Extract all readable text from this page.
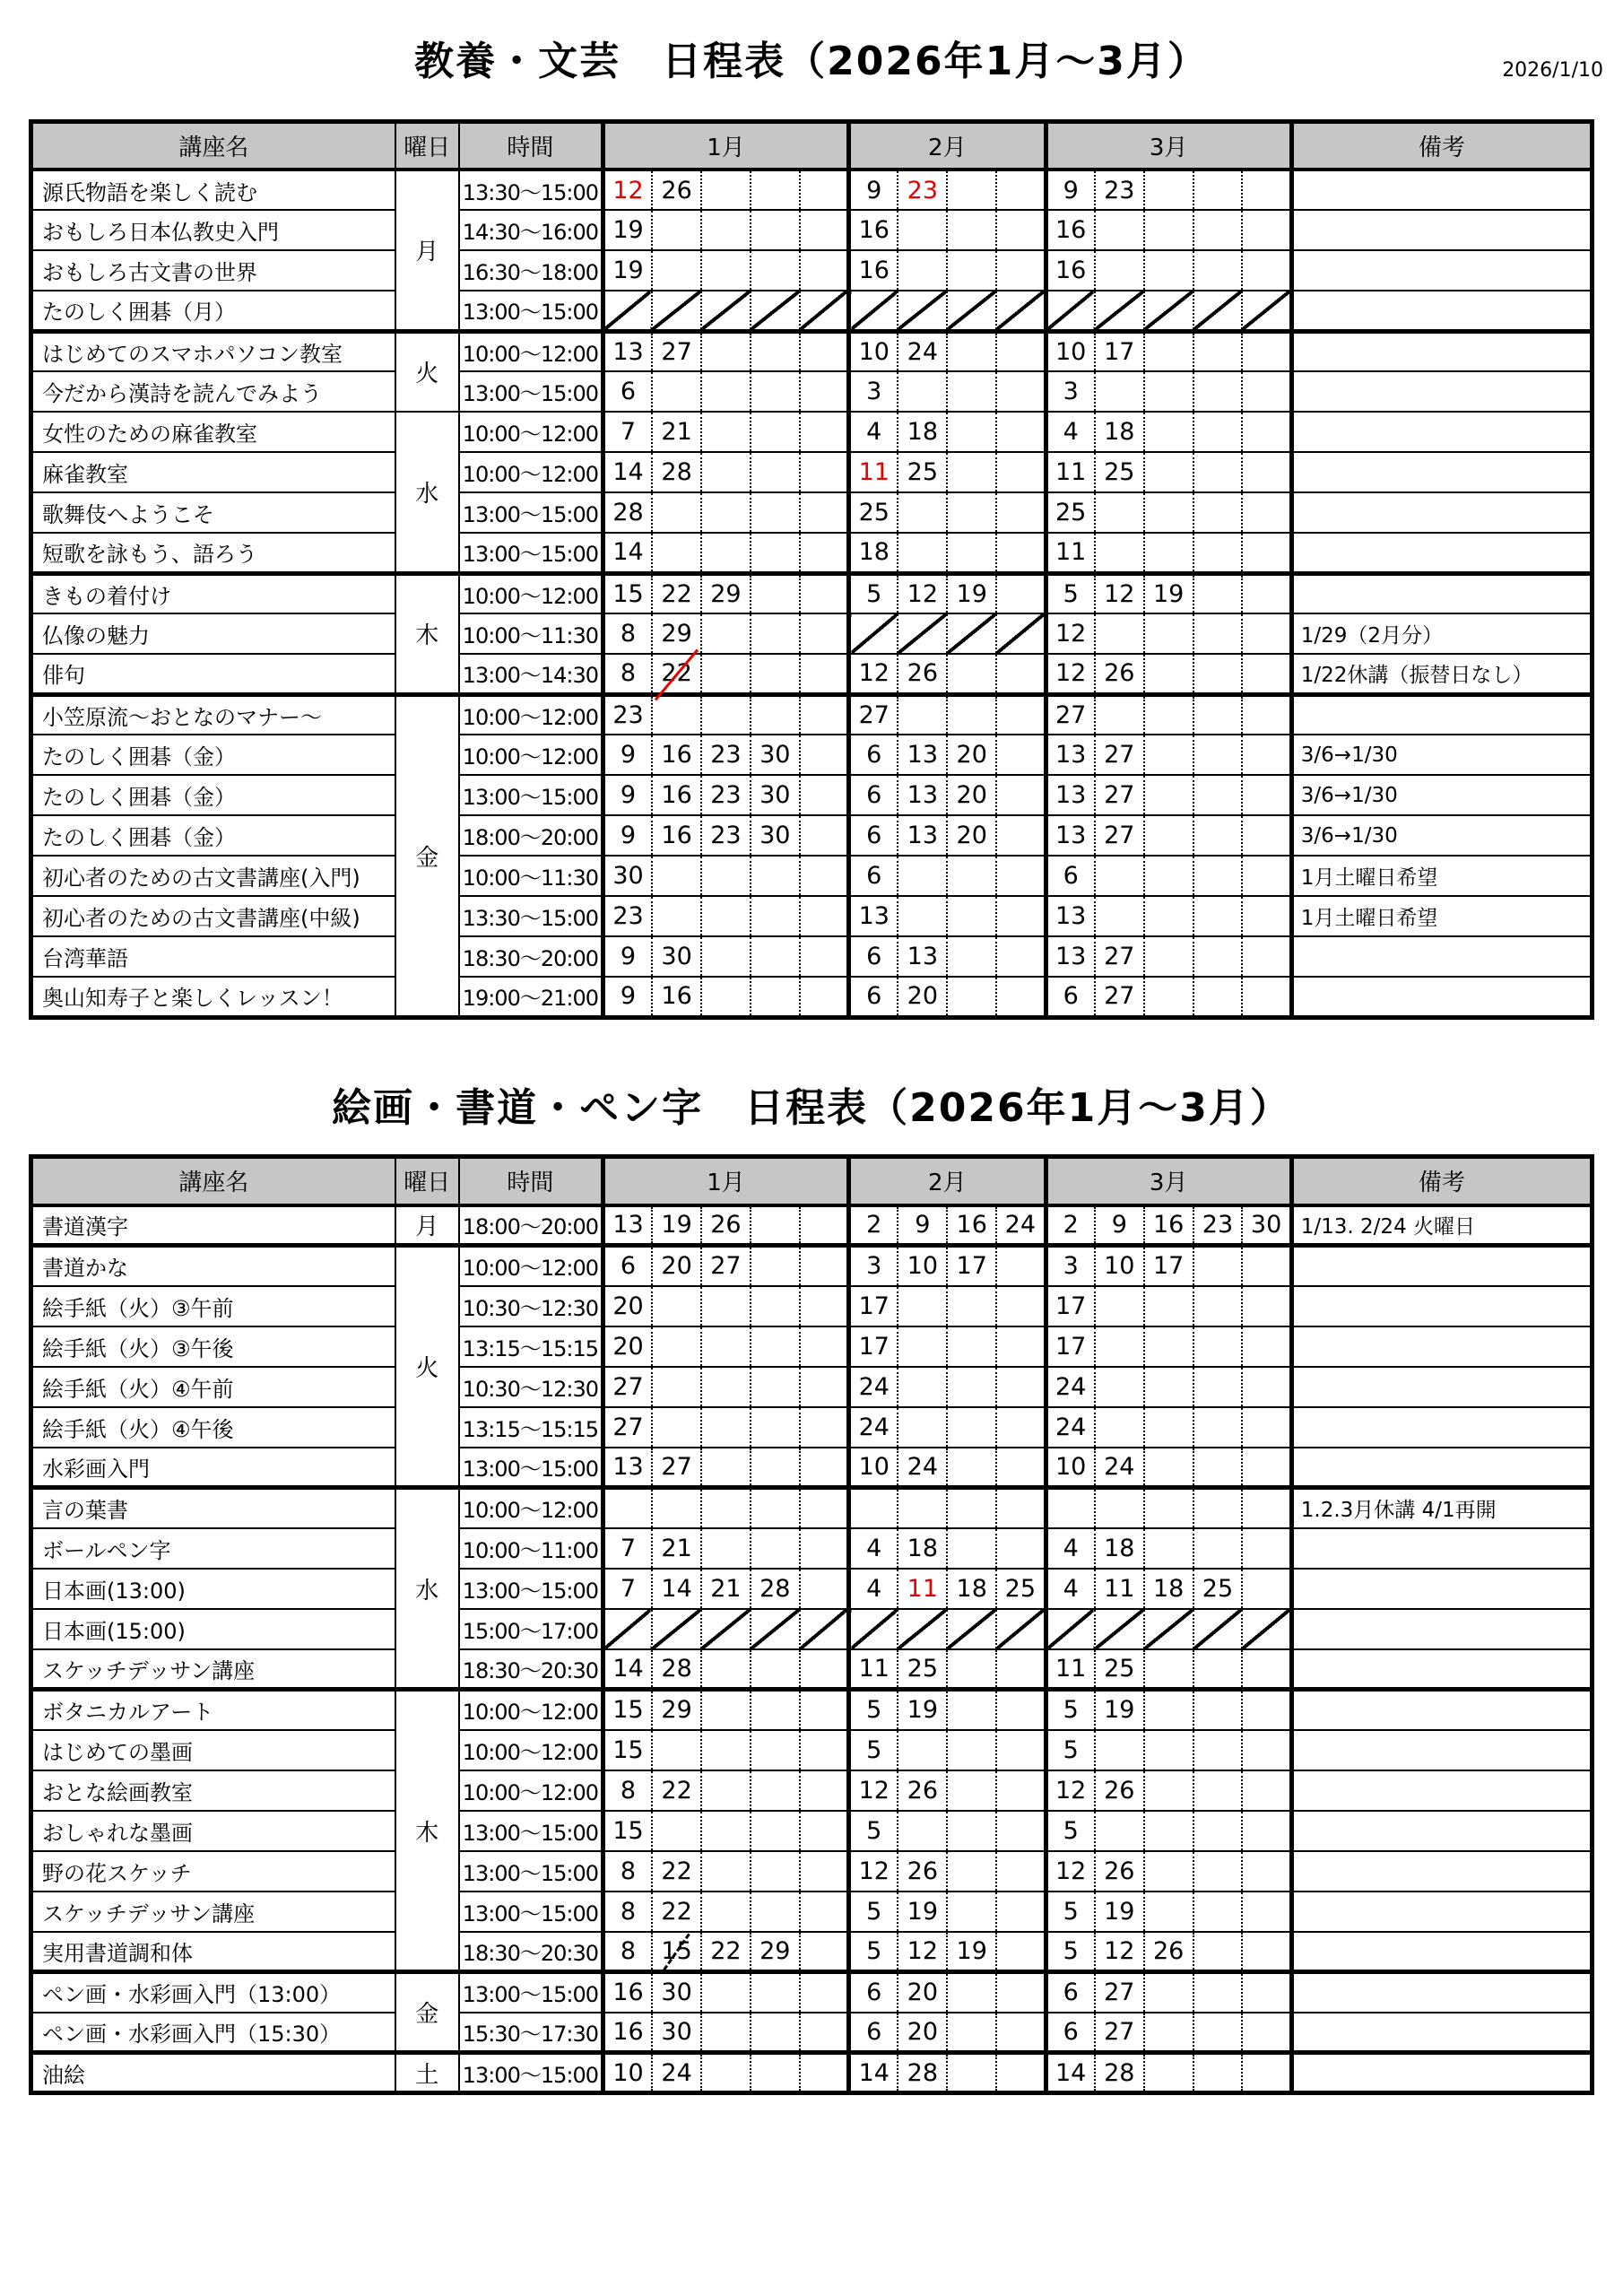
2026/1/10
教養・文芸　日程表（2026年1月～3月）
講座名	曜日	時間	1月					2月				3月					備考
源氏物語を楽しく読む	月	13:30～15:00	12	26				9	23			9	23				
おもしろ日本仏教史入門		14:30～16:00	19					16				16					
おもしろ古文書の世界		16:30～18:00	19					16				16					
たのしく囲碁（月）		13:00～15:00															
はじめてのスマホパソコン教室	火	10:00～12:00	13	27				10	24			10	17				
今だから漢詩を読んでみよう		13:00～15:00	6					3				3					
女性のための麻雀教室	水	10:00～12:00	7	21				4	18			4	18				
麻雀教室		10:00～12:00	14	28				11	25			11	25				
歌舞伎へようこそ		13:00～15:00	28					25				25					
短歌を詠もう、語ろう		13:00～15:00	14					18				11					
きもの着付け	木	10:00～12:00	15	22	29			5	12	19		5	12	19			
仏像の魅力		10:00～11:30	8	29								12					1/29（2月分）
俳句		13:00～14:30	8	22				12	26			12	26				1/22休講（振替日なし）
小笠原流～おとなのマナー～	金	10:00～12:00	23					27				27					
たのしく囲碁（金）		10:00～12:00	9	16	23	30		6	13	20		13	27				3/6→1/30
たのしく囲碁（金）		13:00～15:00	9	16	23	30		6	13	20		13	27				3/6→1/30
たのしく囲碁（金）		18:00～20:00	9	16	23	30		6	13	20		13	27				3/6→1/30
初心者のための古文書講座(入門)		10:00～11:30	30					6				6					1月土曜日希望
初心者のための古文書講座(中級)		13:30～15:00	23					13				13					1月土曜日希望
台湾華語		18:30～20:00	9	30				6	13			13	27				
奥山知寿子と楽しくレッスン！		19:00～21:00	9	16				6	20			6	27				
絵画・書道・ペン字　日程表（2026年1月～3月）
講座名	曜日	時間	1月					2月				3月					備考
書道漢字	月	18:00～20:00	13	19	26			2	9	16	24	2	9	16	23	30	1/13. 2/24 火曜日
書道かな	火	10:00～12:00	6	20	27			3	10	17		3	10	17			
絵手紙（火）③午前		10:30～12:30	20					17				17					
絵手紙（火）③午後		13:15～15:15	20					17				17					
絵手紙（火）④午前		10:30～12:30	27					24				24					
絵手紙（火）④午後		13:15～15:15	27					24				24					
水彩画入門		13:00～15:00	13	27				10	24			10	24				
言の葉書	水	10:00～12:00															1.2.3月休講 4/1再開
ボールペン字		10:00～11:00	7	21				4	18			4	18				
日本画(13:00)		13:00～15:00	7	14	21	28		4	11	18	25	4	11	18	25		
日本画(15:00)		15:00～17:00															
スケッチデッサン講座		18:30～20:30	14	28				11	25			11	25				
ボタニカルアート	木	10:00～12:00	15	29				5	19			5	19				
はじめての墨画		10:00～12:00	15					5				5					
おとな絵画教室		10:00～12:00	8	22				12	26			12	26				
おしゃれな墨画		13:00～15:00	15					5				5					
野の花スケッチ		13:00～15:00	8	22				12	26			12	26				
スケッチデッサン講座		13:00～15:00	8	22				5	19			5	19				
実用書道調和体		18:30～20:30	8	15	22	29		5	12	19		5	12	26			
ペン画・水彩画入門（13:00）	金	13:00～15:00	16	30				6	20			6	27				
ペン画・水彩画入門（15:30）		15:30～17:30	16	30				6	20			6	27				
油絵	土	13:00～15:00	10	24				14	28			14	28				
